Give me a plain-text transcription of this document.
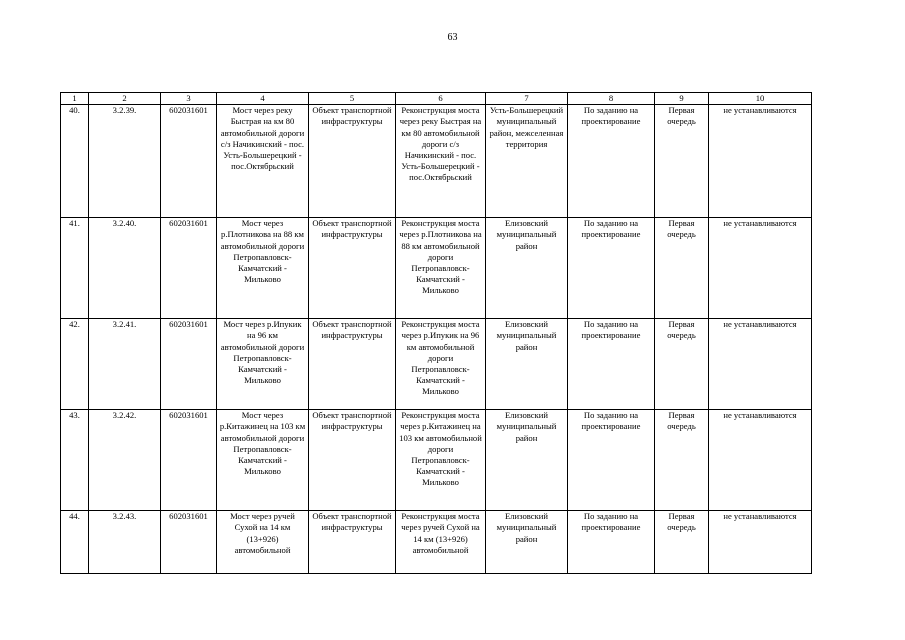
63
1	2	3	4	5	6	7	8	9	10
40.	3.2.39.	602031601	Мост через реку Быстрая на км 80 автомобильной дороги с/з Начикинский - пос. Усть-Большерецкий - пос.Октябрьский	Объект транспортной инфраструктуры	Реконструкция моста через реку Быстрая на км 80 автомобильной дороги с/з Начикинский - пос. Усть-Большерецкий - пос.Октябрьский	Усть-Большерецкий муниципальный район, межселенная территория	По заданию на проектирование	Первая очередь	не устанавливаются
41.	3.2.40.	602031601	Мост через р.Плотникова на 88 км автомобильной дороги Петропавловск-Камчатский - Мильково	Объект транспортной инфраструктуры	Реконструкция моста через р.Плотникова на 88 км автомобильной дороги Петропавловск-Камчатский - Мильково	Елизовский муниципальный район	По заданию на проектирование	Первая очередь	не устанавливаются
42.	3.2.41.	602031601	Мост через р.Ипукик на 96 км автомобильной дороги Петропавловск-Камчатский - Мильково	Объект транспортной инфраструктуры	Реконструкция моста через р.Ипукик на 96 км автомобильной дороги Петропавловск-Камчатский - Мильково	Елизовский муниципальный район	По заданию на проектирование	Первая очередь	не устанавливаются
43.	3.2.42.	602031601	Мост через р.Китажинец на 103 км автомобильной дороги Петропавловск-Камчатский - Мильково	Объект транспортной инфраструктуры	Реконструкция моста через р.Китажинец на 103 км автомобильной дороги Петропавловск-Камчатский - Мильково	Елизовский муниципальный район	По заданию на проектирование	Первая очередь	не устанавливаются
44.	3.2.43.	602031601	Мост через ручей Сухой на 14 км (13+926) автомобильной	Объект транспортной инфраструктуры	Реконструкция моста через ручей Сухой на 14 км (13+926) автомобильной	Елизовский муниципальный район	По заданию на проектирование	Первая очередь	не устанавливаются
